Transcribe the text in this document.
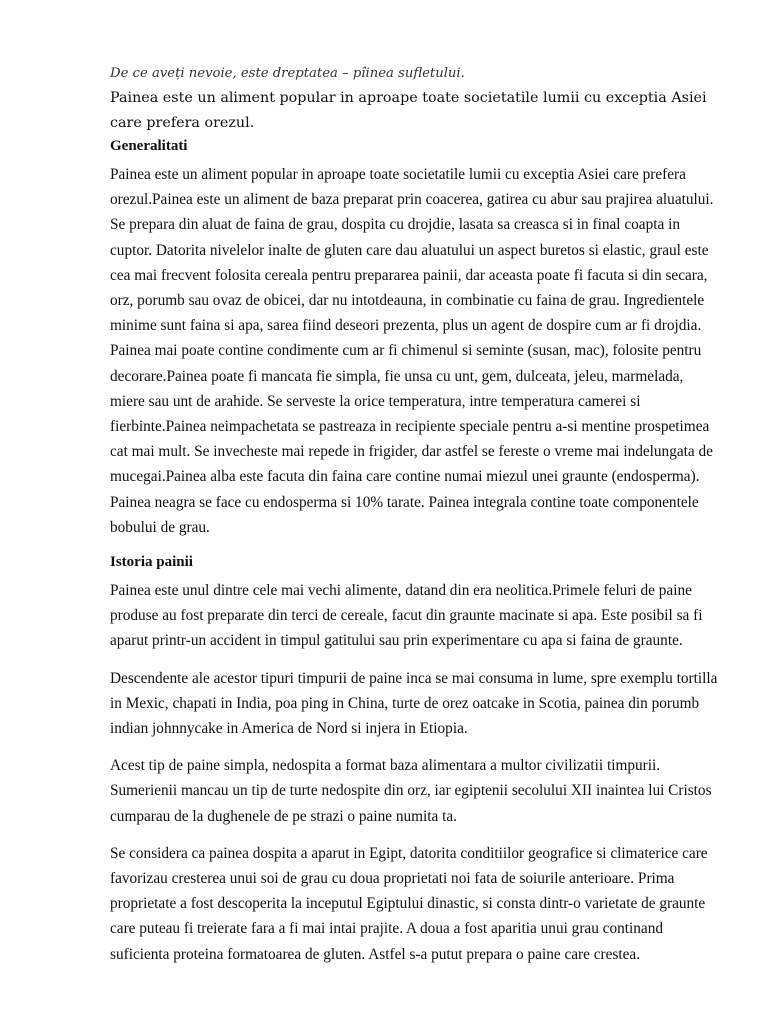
De ce aveți nevoie, este dreptatea – pîinea sufletului.

Painea este un aliment popular in aproape toate societatile lumii cu exceptia Asiei care prefera orezul.

Generalitati

Painea este un aliment popular in aproape toate societatile lumii cu exceptia Asiei care prefera orezul.Painea este un aliment de baza preparat prin coacerea, gatirea cu abur sau prajirea aluatului. Se prepara din aluat de faina de grau, dospita cu drojdie, lasata sa creasca si in final coapta in cuptor. Datorita nivelelor inalte de gluten care dau aluatului un aspect buretos si elastic, graul este cea mai frecvent folosita cereala pentru prepararea painii, dar aceasta poate fi facuta si din secara, orz, porumb sau ovaz de obicei, dar nu intotdeauna, in combinatie cu faina de grau. Ingredientele minime sunt faina si apa, sarea fiind deseori prezenta, plus un agent de dospire cum ar fi drojdia. Painea mai poate contine condimente cum ar fi chimenul si seminte (susan, mac), folosite pentru decorare.Painea poate fi mancata fie simpla, fie unsa cu unt, gem, dulceata, jeleu, marmelada, miere sau unt de arahide. Se serveste la orice temperatura, intre temperatura camerei si fierbinte.Painea neimpachetata se pastreaza in recipiente speciale pentru a-si mentine prospetimea cat mai mult. Se invecheste mai repede in frigider, dar astfel se fereste o vreme mai indelungata de mucegai.Painea alba este facuta din faina care contine numai miezul unei graunte (endosperma). Painea neagra se face cu endosperma si 10% tarate. Painea integrala contine toate componentele bobului de grau.

Istoria painii

Painea este unul dintre cele mai vechi alimente, datand din era neolitica.Primele feluri de paine produse au fost preparate din terci de cereale, facut din graunte macinate si apa. Este posibil sa fi aparut printr-un accident in timpul gatitului sau prin experimentare cu apa si faina de graunte.

Descendente ale acestor tipuri timpurii de paine inca se mai consuma in lume, spre exemplu tortilla in Mexic, chapati in India, poa ping in China, turte de orez oatcake in Scotia, painea din porumb indian johnnycake in America de Nord si injera in Etiopia.

Acest tip de paine simpla, nedospita a format baza alimentara a multor civilizatii timpurii. Sumerienii mancau un tip de turte nedospite din orz, iar egiptenii secolului XII inaintea lui Cristos cumparau de la dughenele de pe strazi o paine numita ta.

Se considera ca painea dospita a aparut in Egipt, datorita conditiilor geografice si climaterice care favorizau cresterea unui soi de grau cu doua proprietati noi fata de soiurile anterioare. Prima proprietate a fost descoperita la inceputul Egiptului dinastic, si consta dintr-o varietate de graunte care puteau fi treierate fara a fi mai intai prajite. A doua a fost aparitia unui grau continand suficienta proteina formatoarea de gluten. Astfel s-a putut prepara o paine care crestea.
